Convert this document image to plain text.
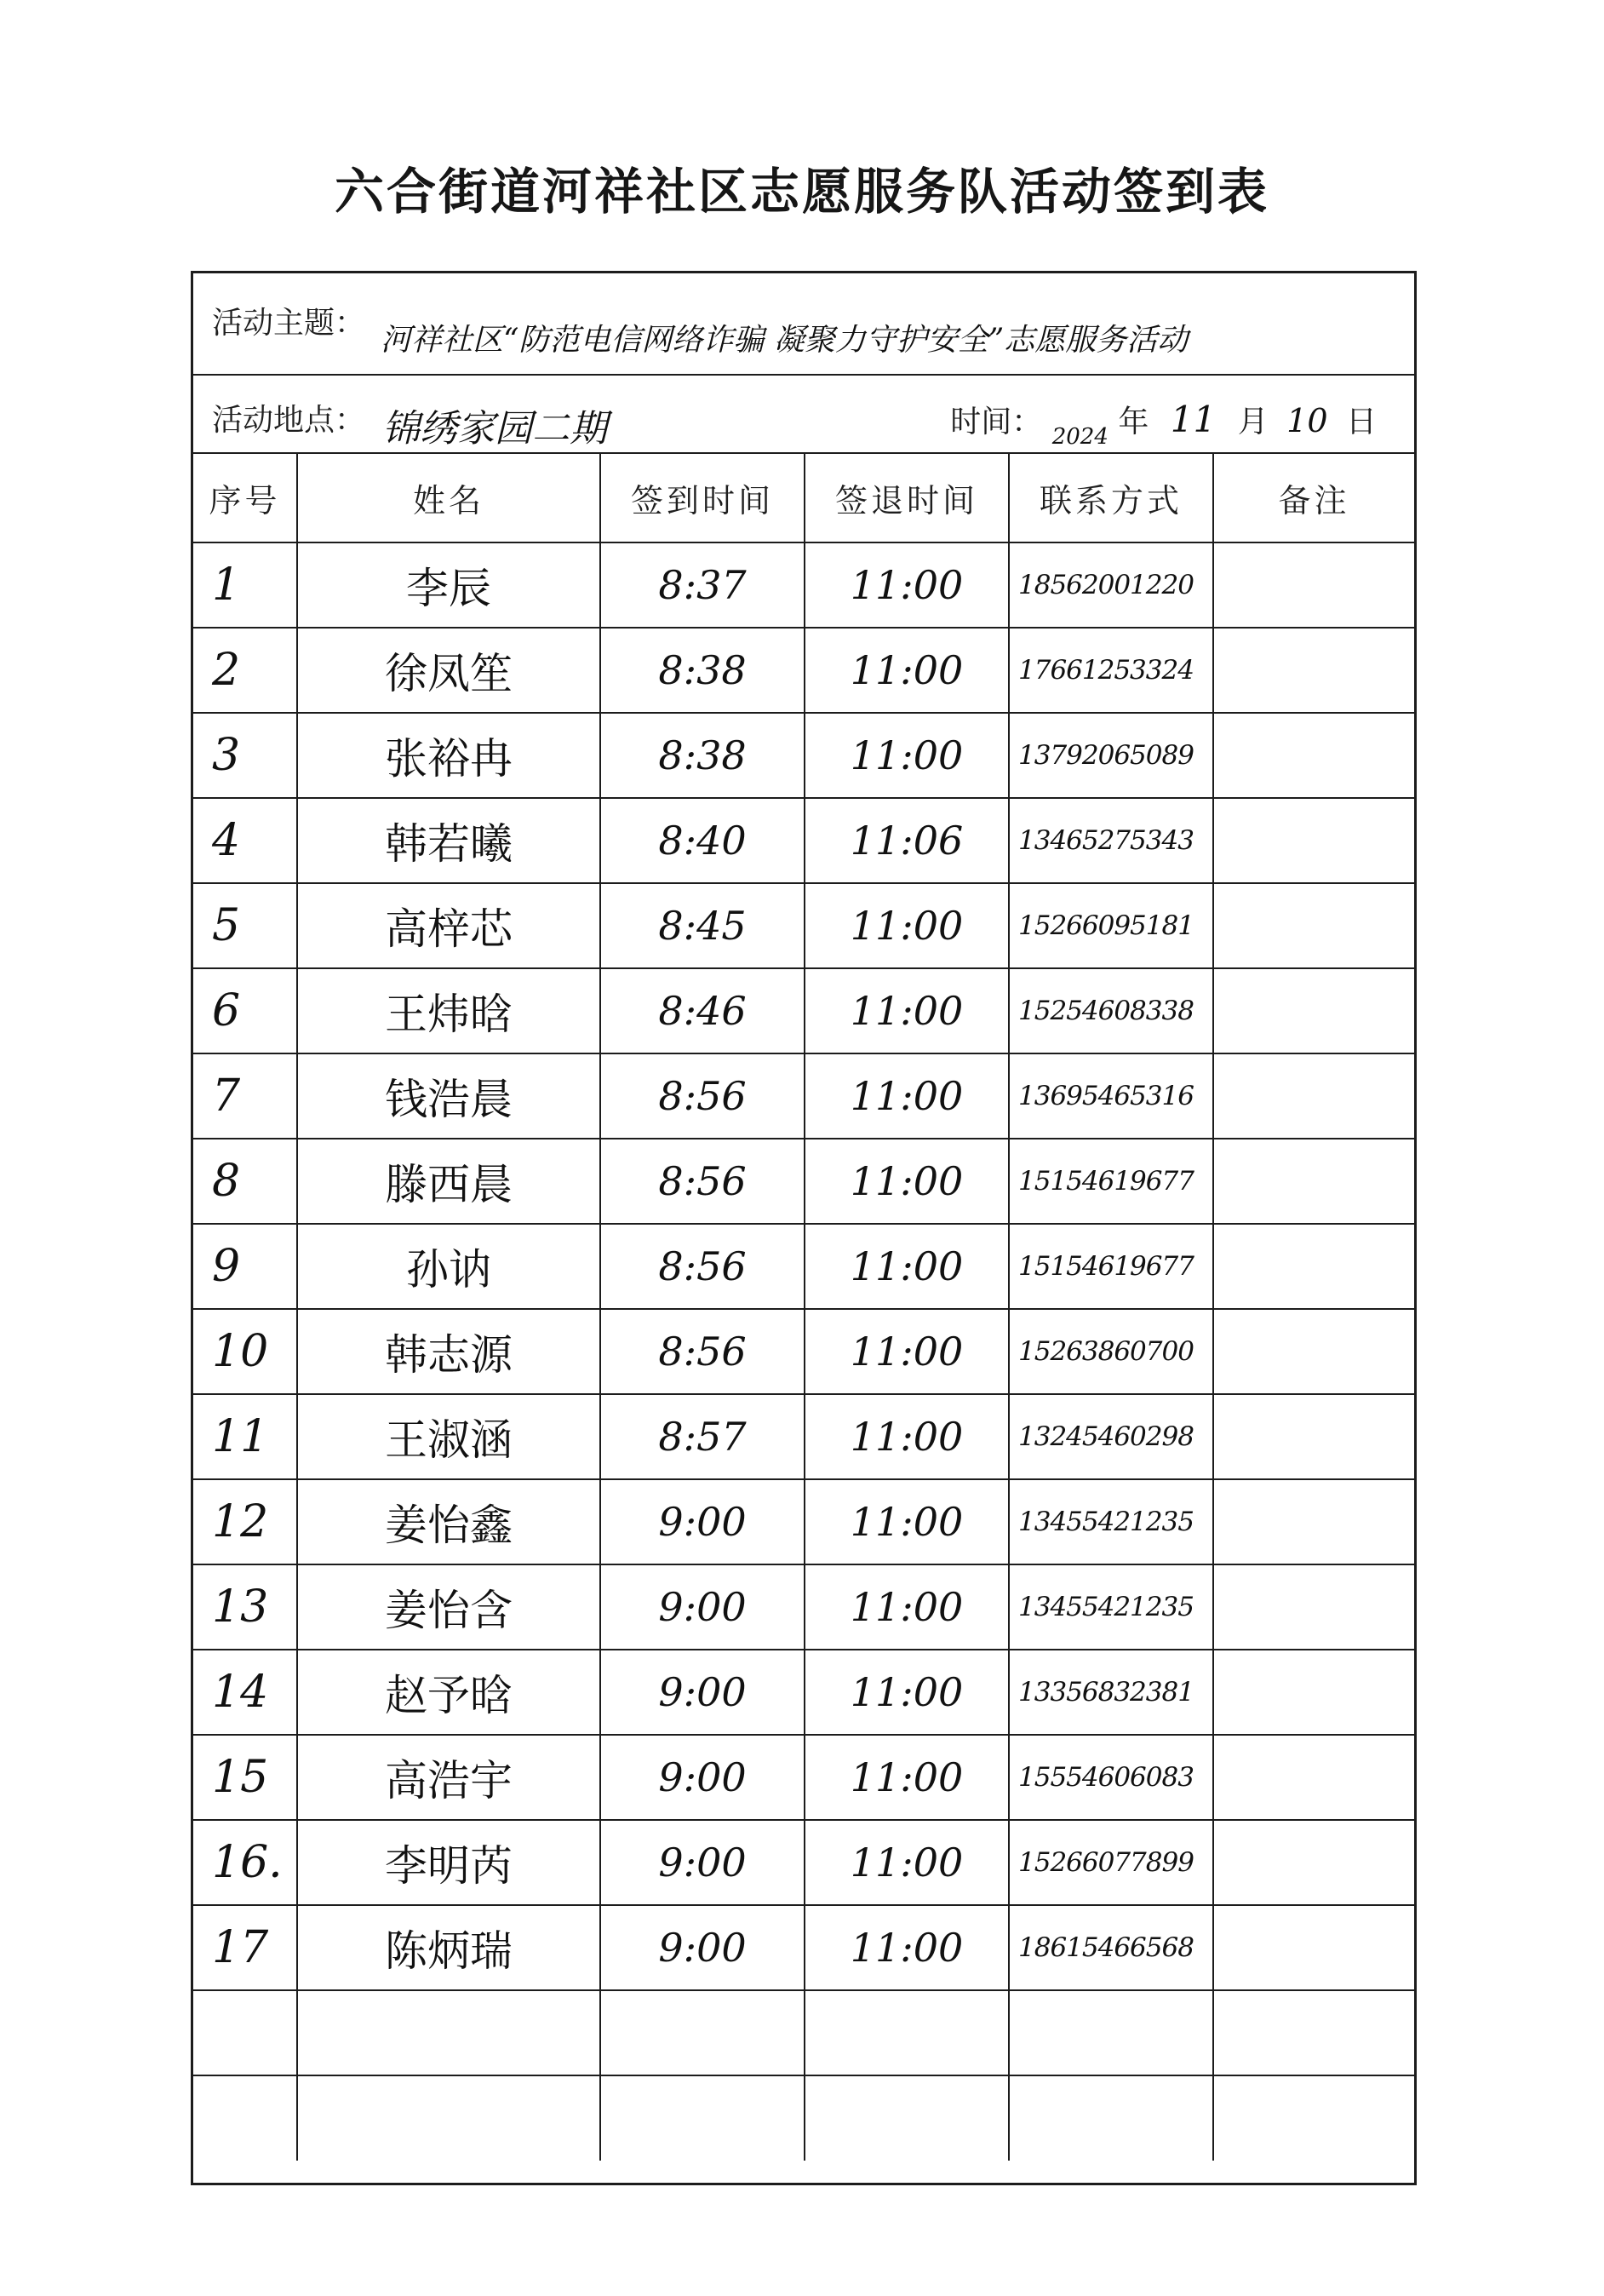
六合街道河祥社区志愿服务队活动签到表
活动主题： 河祥社区“防范电信网络诈骗 凝聚力守护安全”志愿服务活动
活动地点： 锦绣家园二期	时间： 2024 年 11 月 10 日
序号	姓名	签到时间	签退时间	联系方式	备注
1	李辰	8:37	11:00	18562001220	
2	徐凤笙	8:38	11:00	17661253324	
3	张裕冉	8:38	11:00	13792065089	
4	韩若曦	8:40	11:06	13465275343	
5	高梓芯	8:45	11:00	15266095181	
6	王炜晗	8:46	11:00	15254608338	
7	钱浩晨	8:56	11:00	13695465316	
8	滕西晨	8:56	11:00	15154619677	
9	孙讷	8:56	11:00	15154619677	
10	韩志源	8:56	11:00	15263860700	
11	王淑涵	8:57	11:00	13245460298	
12	姜怡鑫	9:00	11:00	13455421235	
13	姜怡含	9:00	11:00	13455421235	
14	赵予晗	9:00	11:00	13356832381	
15	高浩宇	9:00	11:00	15554606083	
16.	李明芮	9:00	11:00	15266077899	
17	陈炳瑞	9:00	11:00	18615466568	
